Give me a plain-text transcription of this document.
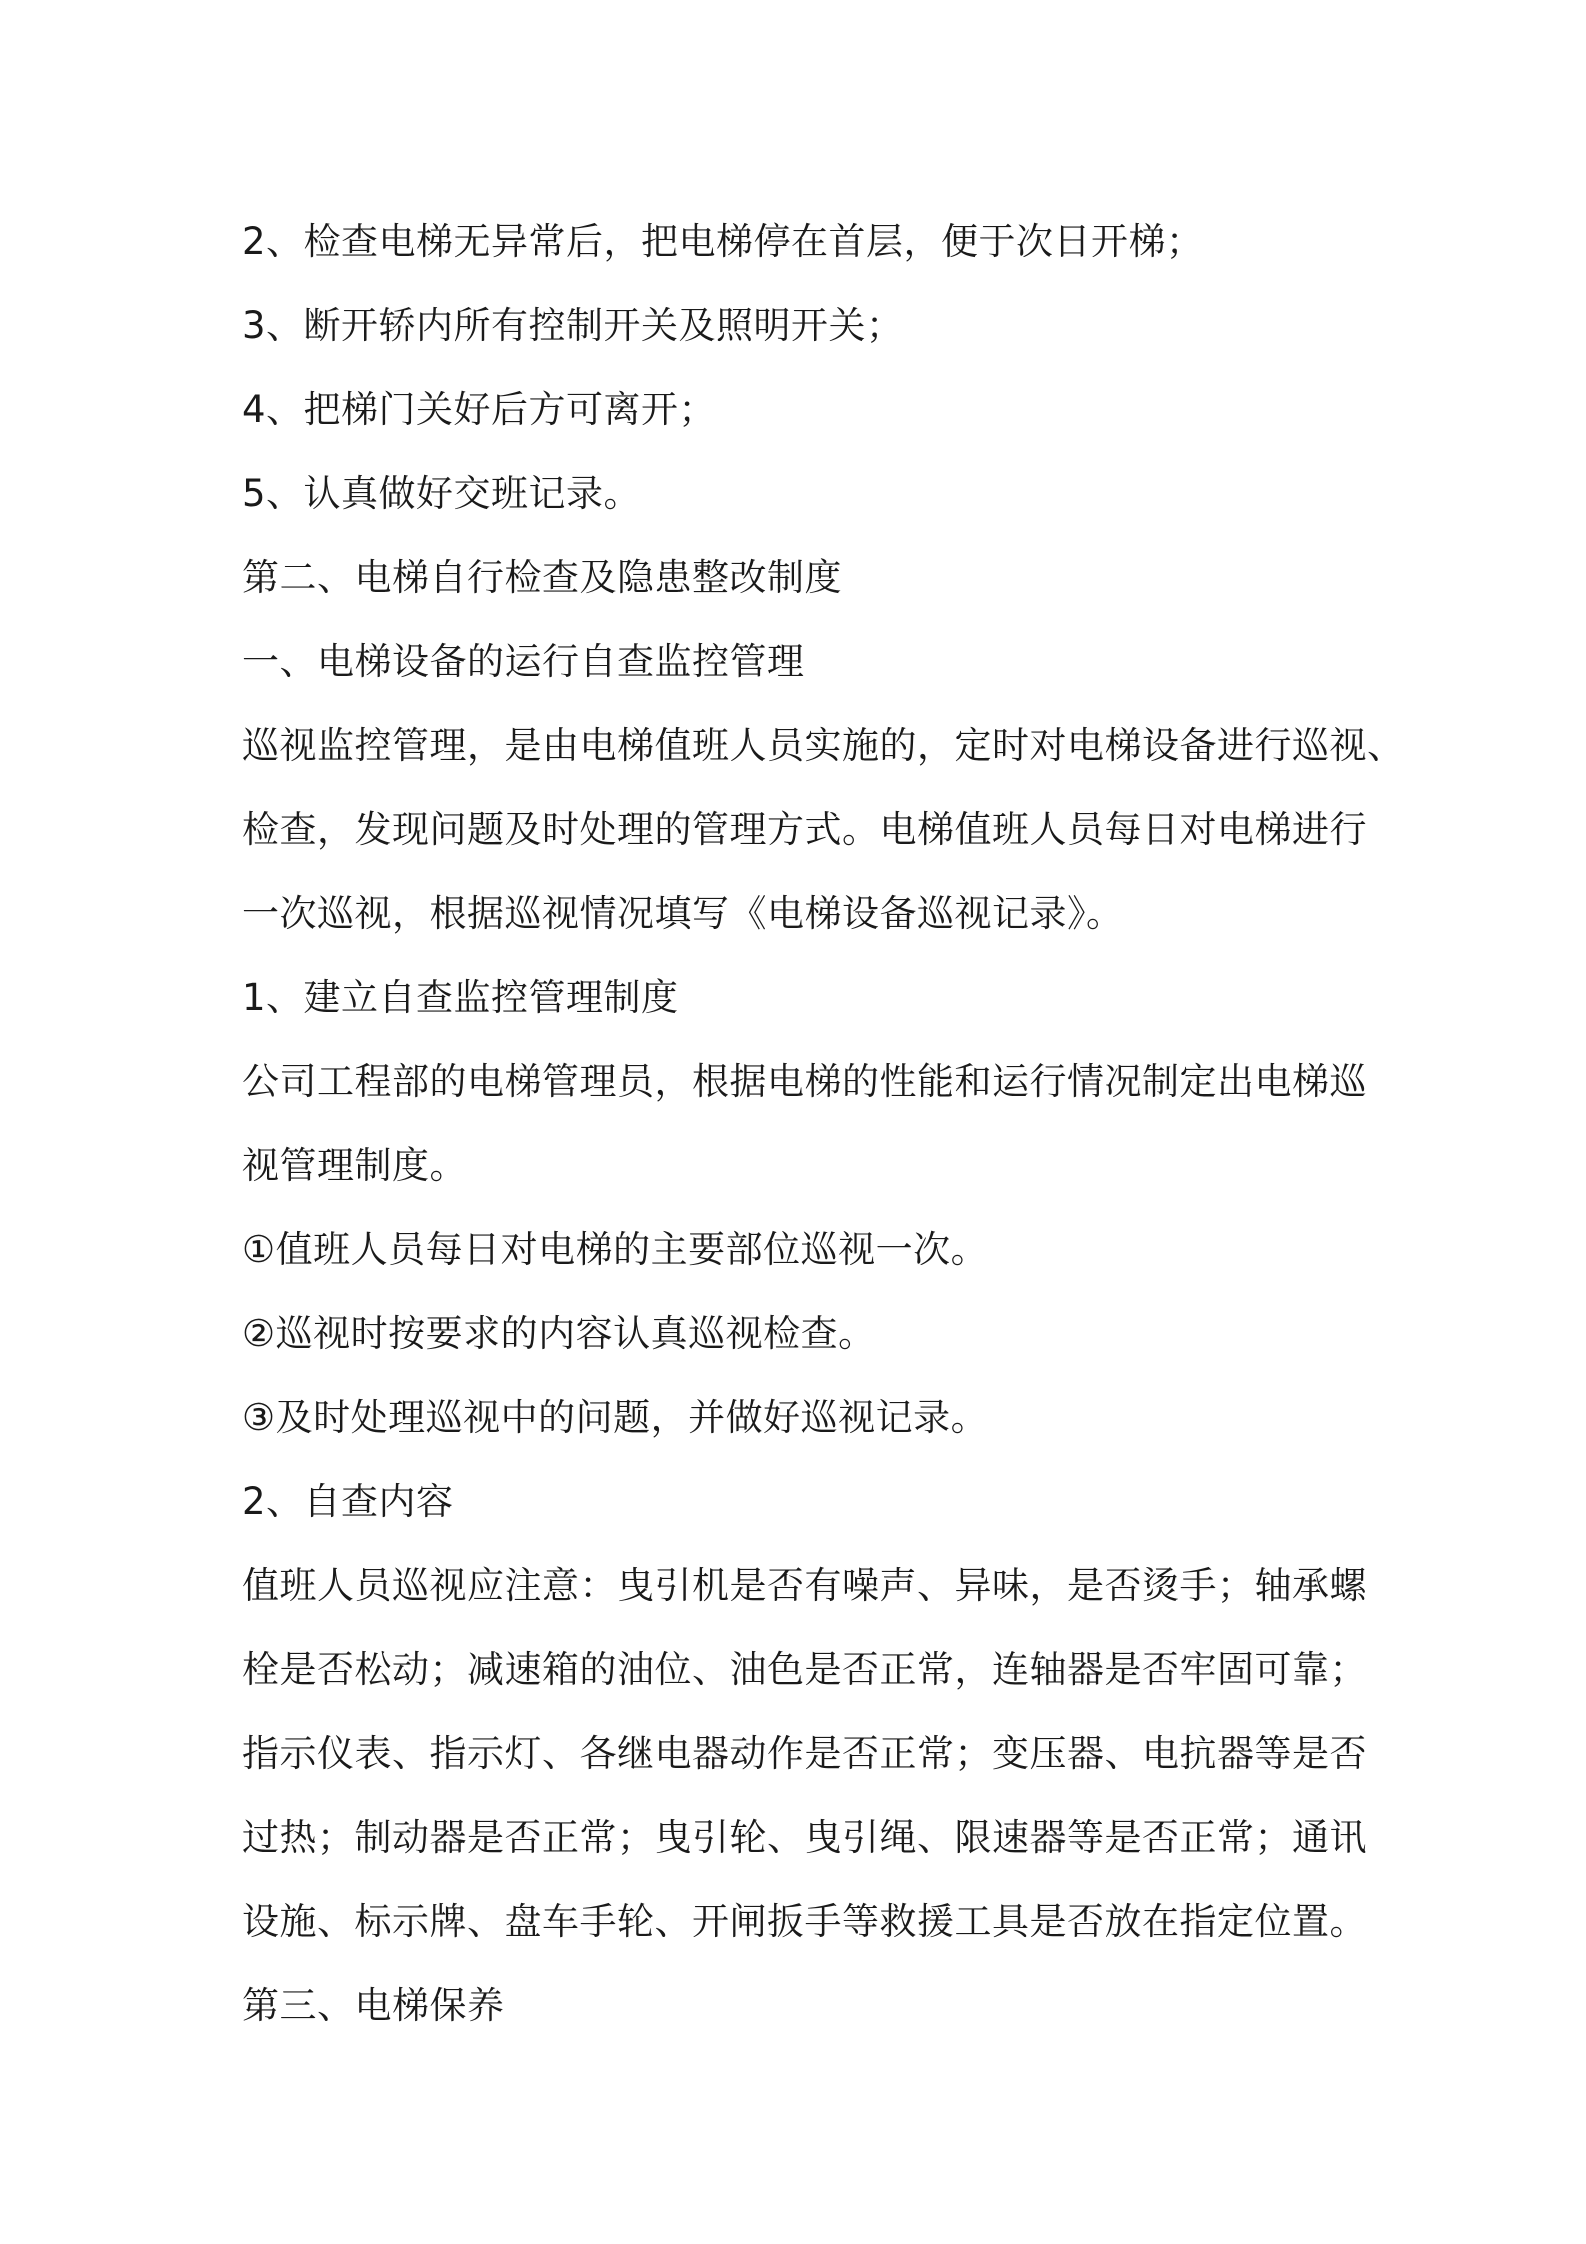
2、检查电梯无异常后，把电梯停在首层，便于次日开梯；
3、断开轿内所有控制开关及照明开关；
4、把梯门关好后方可离开；
5、认真做好交班记录。
第二、电梯自行检查及隐患整改制度
一、电梯设备的运行自查监控管理
巡视监控管理，是由电梯值班人员实施的，定时对电梯设备进行巡视、
检查，发现问题及时处理的管理方式。电梯值班人员每日对电梯进行
一次巡视，根据巡视情况填写《电梯设备巡视记录》。
1、建立自查监控管理制度
公司工程部的电梯管理员，根据电梯的性能和运行情况制定出电梯巡
视管理制度。
①值班人员每日对电梯的主要部位巡视一次。
②巡视时按要求的内容认真巡视检查。
③及时处理巡视中的问题，并做好巡视记录。
2、自查内容
值班人员巡视应注意：曳引机是否有噪声、异味，是否烫手；轴承螺
栓是否松动；减速箱的油位、油色是否正常，连轴器是否牢固可靠；
指示仪表、指示灯、各继电器动作是否正常；变压器、电抗器等是否
过热；制动器是否正常；曳引轮、曳引绳、限速器等是否正常；通讯
设施、标示牌、盘车手轮、开闸扳手等救援工具是否放在指定位置。
第三、电梯保养
